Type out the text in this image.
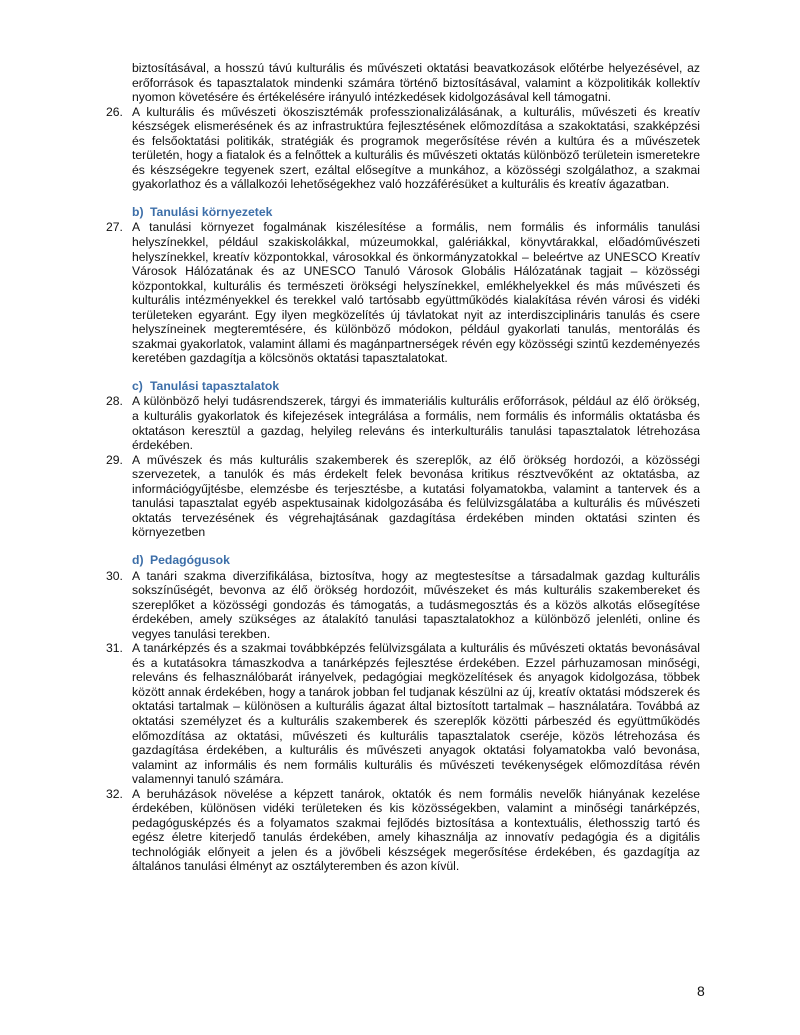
biztosításával, a hosszú távú kulturális és művészeti oktatási beavatkozások előtérbe helyezésével, az erőforrások és tapasztalatok mindenki számára történő biztosításával, valamint a közpolitikák kollektív nyomon követésére és értékelésére irányuló intézkedések kidolgozásával kell támogatni.

26. A kulturális és művészeti ökoszisztémák professzionalizálásának, a kulturális, művészeti és kreatív készségek elismerésének és az infrastruktúra fejlesztésének előmozdítása a szakoktatási, szakképzési és felsőoktatási politikák, stratégiák és programok megerősítése révén a kultúra és a művészetek területén, hogy a fiatalok és a felnőttek a kulturális és művészeti oktatás különböző területein ismeretekre és készségekre tegyenek szert, ezáltal elősegítve a munkához, a közösségi szolgálathoz, a szakmai gyakorlathoz és a vállalkozói lehetőségekhez való hozzáférésüket a kulturális és kreatív ágazatban.

b) Tanulási környezetek

27. A tanulási környezet fogalmának kiszélesítése a formális, nem formális és informális tanulási helyszínekkel, például szakiskolákkal, múzeumokkal, galériákkal, könyvtárakkal, előadóművészeti helyszínekkel, kreatív központokkal, városokkal és önkormányzatokkal – beleértve az UNESCO Kreatív Városok Hálózatának és az UNESCO Tanuló Városok Globális Hálózatának tagjait – közösségi központokkal, kulturális és természeti örökségi helyszínekkel, emlékhelyekkel és más művészeti és kulturális intézményekkel és terekkel való tartósabb együttműködés kialakítása révén városi és vidéki területeken egyaránt. Egy ilyen megközelítés új távlatokat nyit az interdiszciplináris tanulás és csere helyszíneinek megteremtésére, és különböző módokon, például gyakorlati tanulás, mentorálás és szakmai gyakorlatok, valamint állami és magánpartnerségek révén egy közösségi szintű kezdeményezés keretében gazdagítja a kölcsönös oktatási tapasztalatokat.

c) Tanulási tapasztalatok

28. A különböző helyi tudásrendszerek, tárgyi és immateriális kulturális erőforrások, például az élő örökség, a kulturális gyakorlatok és kifejezések integrálása a formális, nem formális és informális oktatásba és oktatáson keresztül a gazdag, helyileg releváns és interkulturális tanulási tapasztalatok létrehozása érdekében.

29. A művészek és más kulturális szakemberek és szereplők, az élő örökség hordozói, a közösségi szervezetek, a tanulók és más érdekelt felek bevonása kritikus résztvevőként az oktatásba, az információgyűjtésbe, elemzésbe és terjesztésbe, a kutatási folyamatokba, valamint a tantervek és a tanulási tapasztalat egyéb aspektusainak kidolgozásába és felülvizsgálatába a kulturális és művészeti oktatás tervezésének és végrehajtásának gazdagítása érdekében minden oktatási szinten és környezetben

d) Pedagógusok

30. A tanári szakma diverzifikálása, biztosítva, hogy az megtestesítse a társadalmak gazdag kulturális sokszínűségét, bevonva az élő örökség hordozóit, művészeket és más kulturális szakembereket és szereplőket a közösségi gondozás és támogatás, a tudásmegosztás és a közös alkotás elősegítése érdekében, amely szükséges az átalakító tanulási tapasztalatokhoz a különböző jelenléti, online és vegyes tanulási terekben.

31. A tanárképzés és a szakmai továbbképzés felülvizsgálata a kulturális és művészeti oktatás bevonásával és a kutatásokra támaszkodva a tanárképzés fejlesztése érdekében. Ezzel párhuzamosan minőségi, releváns és felhasználóbarát irányelvek, pedagógiai megközelítések és anyagok kidolgozása, többek között annak érdekében, hogy a tanárok jobban fel tudjanak készülni az új, kreatív oktatási módszerek és oktatási tartalmak – különösen a kulturális ágazat által biztosított tartalmak – használatára. Továbbá az oktatási személyzet és a kulturális szakemberek és szereplők közötti párbeszéd és együttműködés előmozdítása az oktatási, művészeti és kulturális tapasztalatok cseréje, közös létrehozása és gazdagítása érdekében, a kulturális és művészeti anyagok oktatási folyamatokba való bevonása, valamint az informális és nem formális kulturális és művészeti tevékenységek előmozdítása révén valamennyi tanuló számára.

32. A beruházások növelése a képzett tanárok, oktatók és nem formális nevelők hiányának kezelése érdekében, különösen vidéki területeken és kis közösségekben, valamint a minőségi tanárképzés, pedagógusképzés és a folyamatos szakmai fejlődés biztosítása a kontextuális, élethosszig tartó és egész életre kiterjedő tanulás érdekében, amely kihasználja az innovatív pedagógia és a digitális technológiák előnyeit a jelen és a jövőbeli készségek megerősítése érdekében, és gazdagítja az általános tanulási élményt az osztályteremben és azon kívül.

8
